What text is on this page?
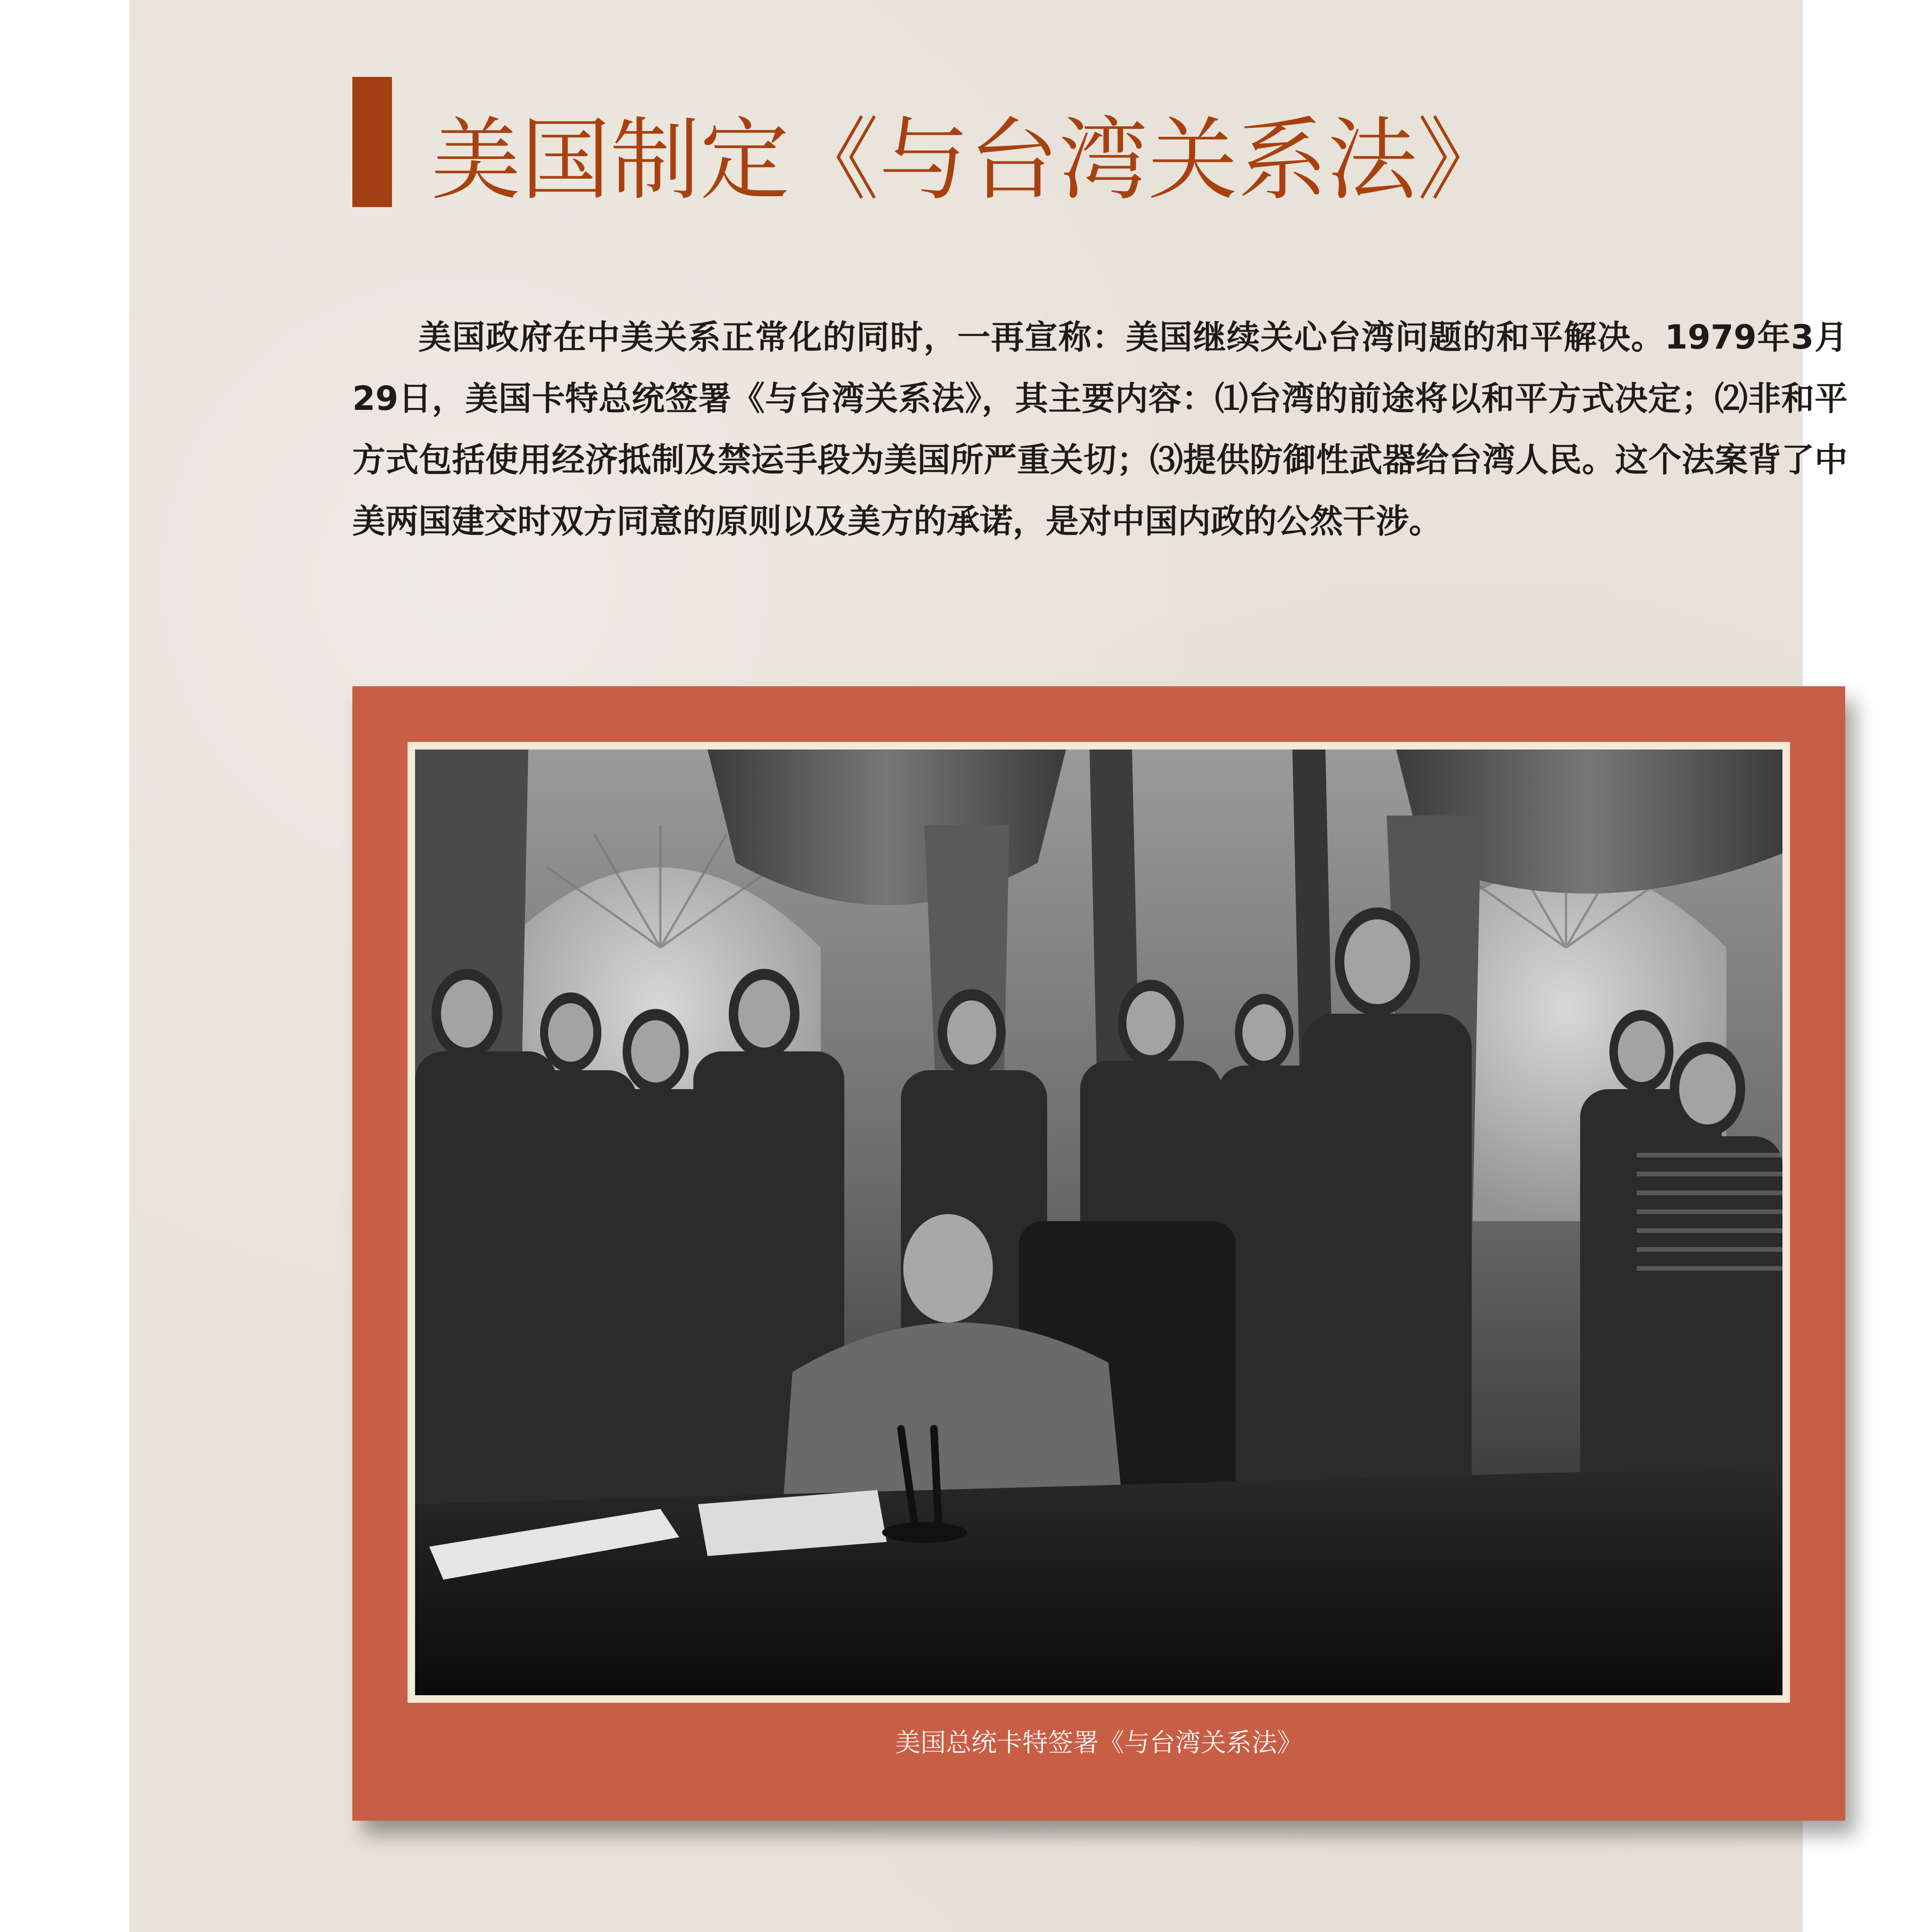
美国制定《与台湾关系法》

美国政府在中美关系正常化的同时，一再宣称：美国继续关心台湾问题的和平解决。1979年3月29日，美国卡特总统签署《与台湾关系法》，其主要内容：⑴台湾的前途将以和平方式决定；⑵非和平方式包括使用经济抵制及禁运手段为美国所严重关切；⑶提供防御性武器给台湾人民。这个法案背了中美两国建交时双方同意的原则以及美方的承诺，是对中国内政的公然干涉。

美国总统卡特签署《与台湾关系法》
